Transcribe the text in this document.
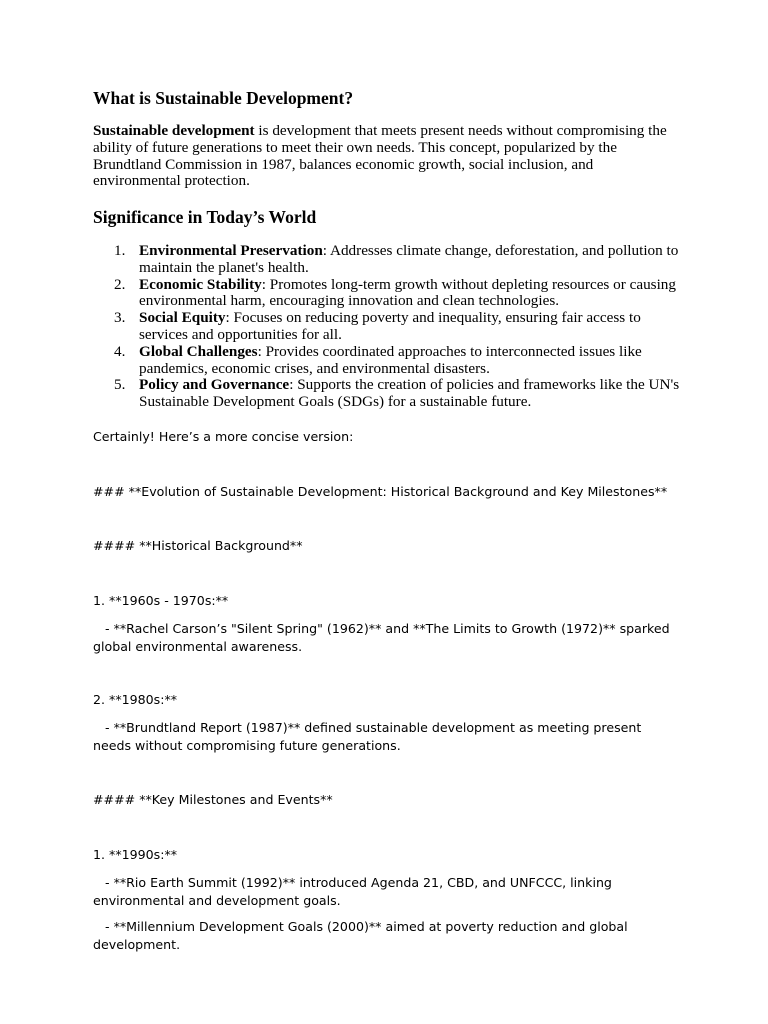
What is Sustainable Development?

Sustainable development is development that meets present needs without compromising the ability of future generations to meet their own needs. This concept, popularized by the Brundtland Commission in 1987, balances economic growth, social inclusion, and environmental protection.

Significance in Today’s World
1. Environmental Preservation: Addresses climate change, deforestation, and pollution to maintain the planet's health.
2. Economic Stability: Promotes long-term growth without depleting resources or causing environmental harm, encouraging innovation and clean technologies.
3. Social Equity: Focuses on reducing poverty and inequality, ensuring fair access to services and opportunities for all.
4. Global Challenges: Provides coordinated approaches to interconnected issues like pandemics, economic crises, and environmental disasters.
5. Policy and Governance: Supports the creation of policies and frameworks like the UN's Sustainable Development Goals (SDGs) for a sustainable future.
Certainly! Here’s a more concise version:
### **Evolution of Sustainable Development: Historical Background and Key Milestones**
#### **Historical Background**
1. **1960s - 1970s:**
- **Rachel Carson’s "Silent Spring" (1962)** and **The Limits to Growth (1972)** sparked global environmental awareness.
2. **1980s:**
- **Brundtland Report (1987)** defined sustainable development as meeting present needs without compromising future generations.
#### **Key Milestones and Events**
1. **1990s:**
- **Rio Earth Summit (1992)** introduced Agenda 21, CBD, and UNFCCC, linking environmental and development goals.
- **Millennium Development Goals (2000)** aimed at poverty reduction and global development.
